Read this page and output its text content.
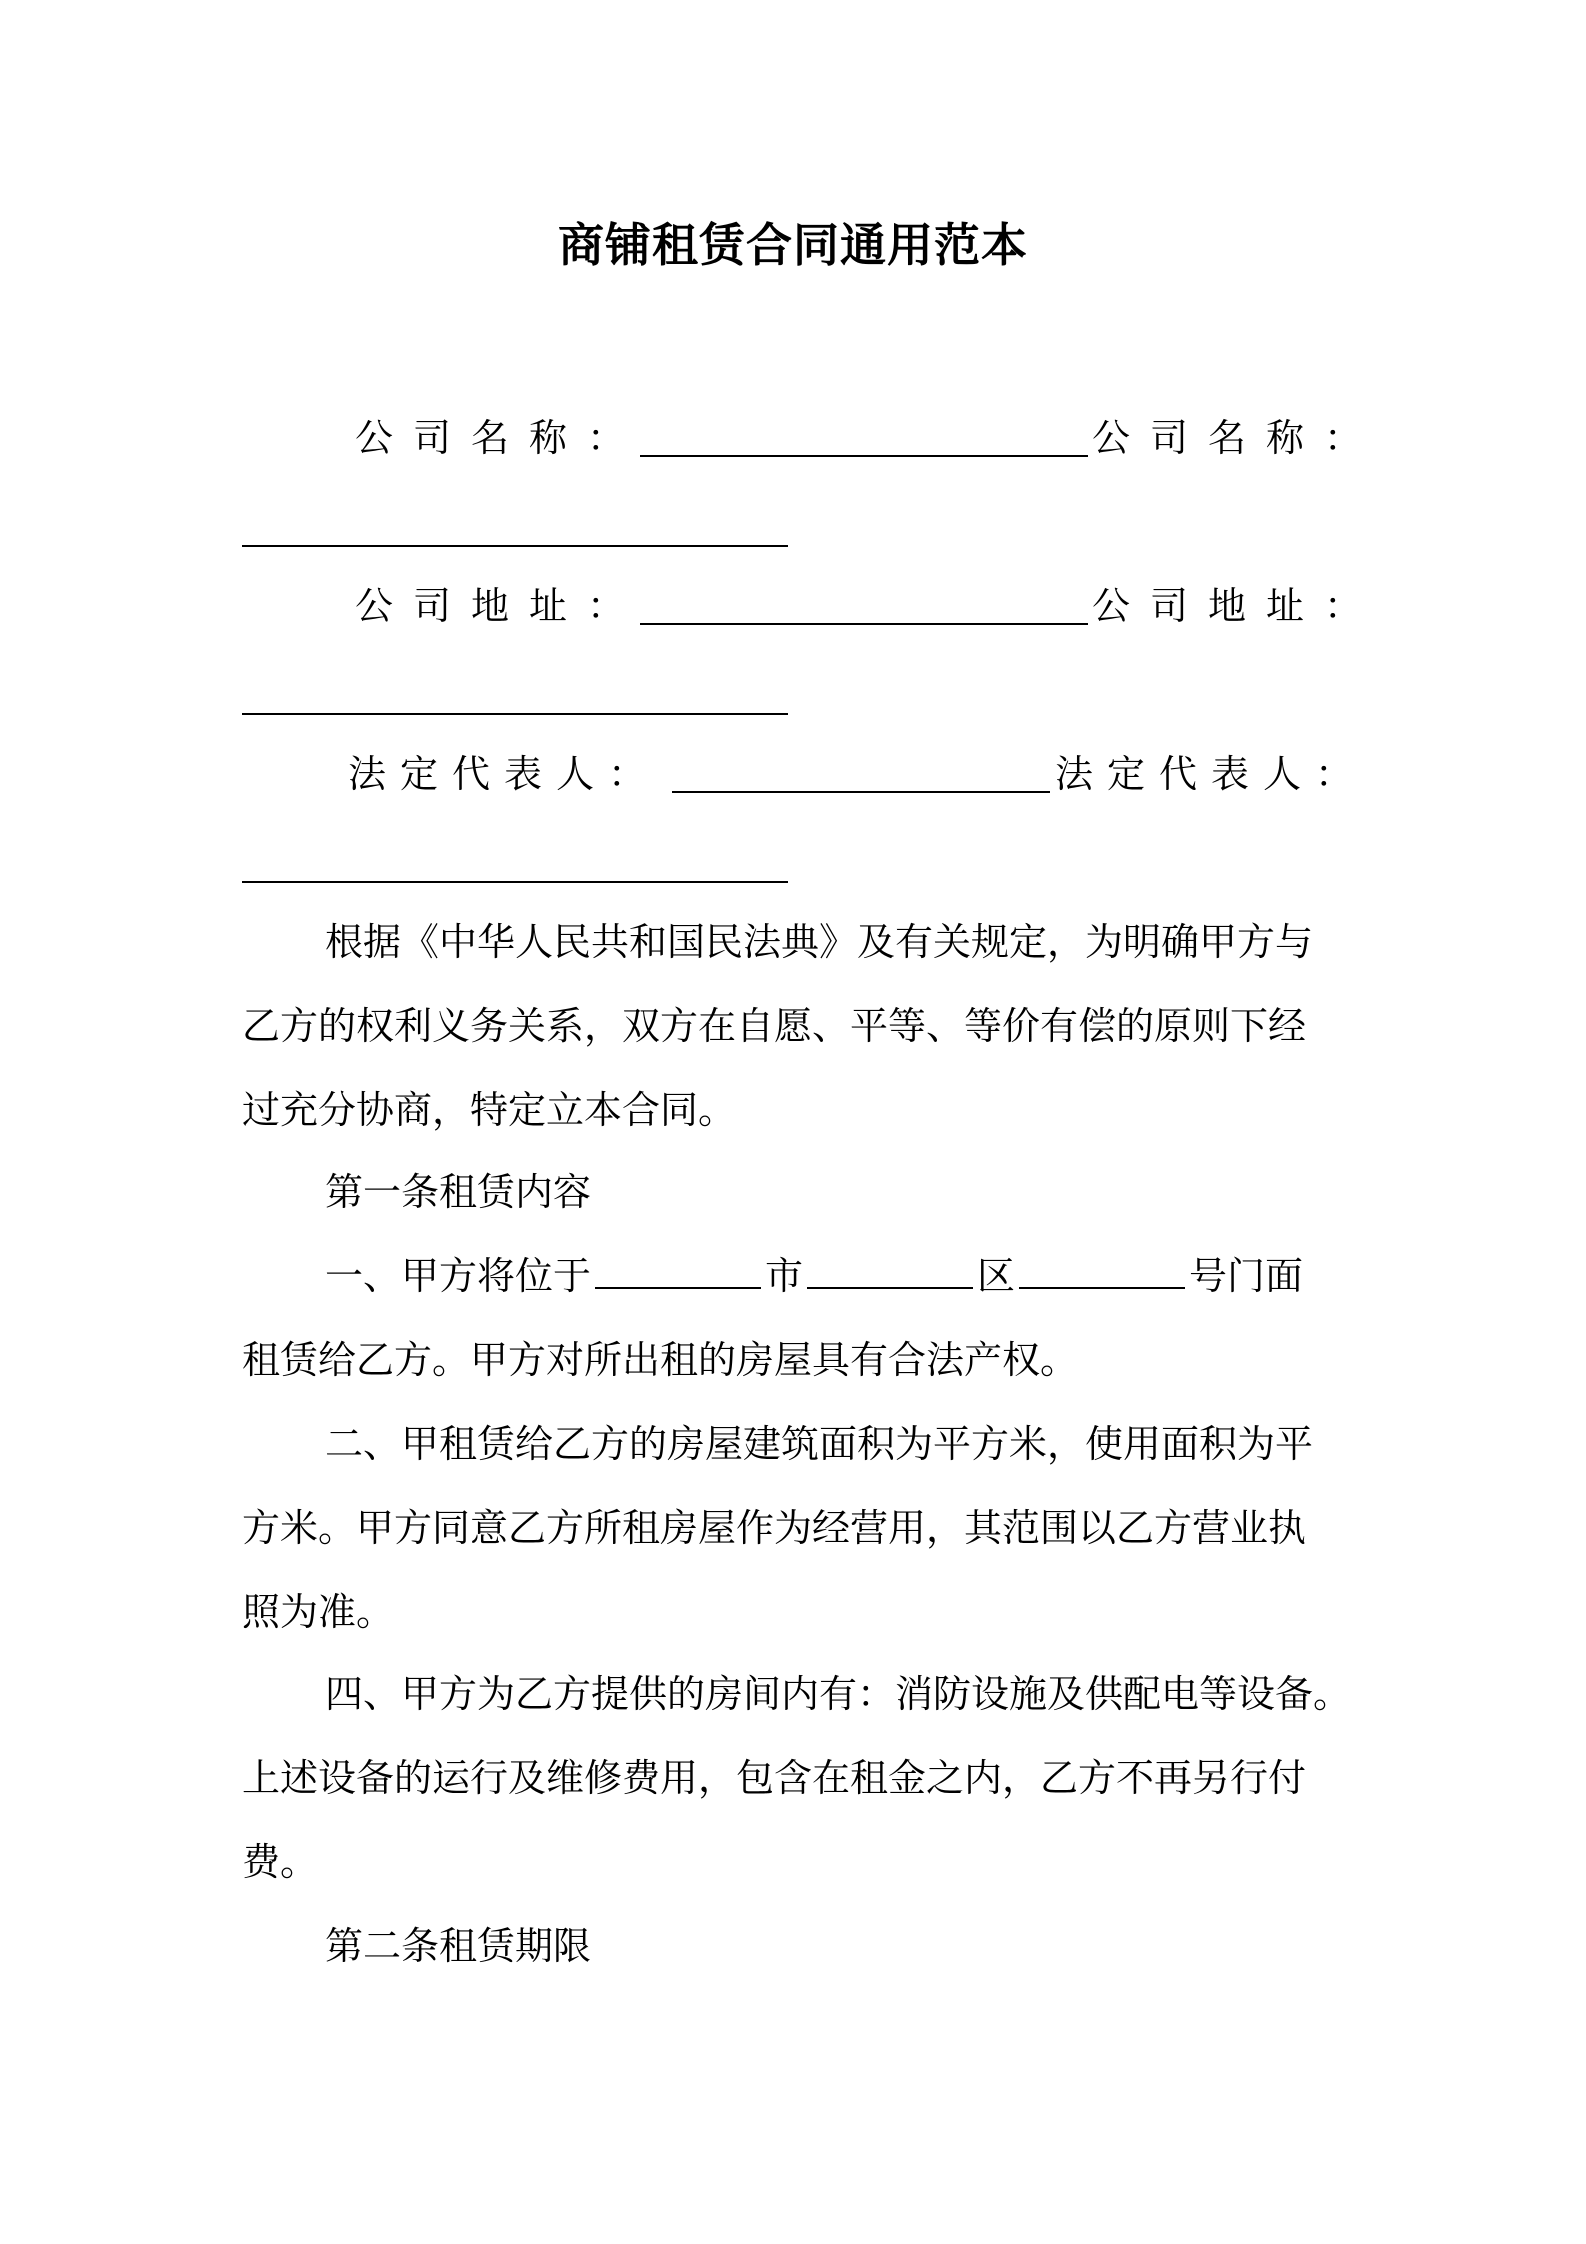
商铺租赁合同通用范本
公司名称：	公司名称：
公司地址：	公司地址：
法定代表人：	法定代表人：
根据《中华人民共和国民法典》及有关规定，为明确甲方与
乙方的权利义务关系，双方在自愿、平等、等价有偿的原则下经
过充分协商，特定立本合同。
第一条租赁内容
一、甲方将位于	市	区	号门面
租赁给乙方。甲方对所出租的房屋具有合法产权。
二、甲租赁给乙方的房屋建筑面积为平方米，使用面积为平
方米。甲方同意乙方所租房屋作为经营用，其范围以乙方营业执
照为准。
四、甲方为乙方提供的房间内有：消防设施及供配电等设备。
上述设备的运行及维修费用，包含在租金之内，乙方不再另行付
费。
第二条租赁期限
